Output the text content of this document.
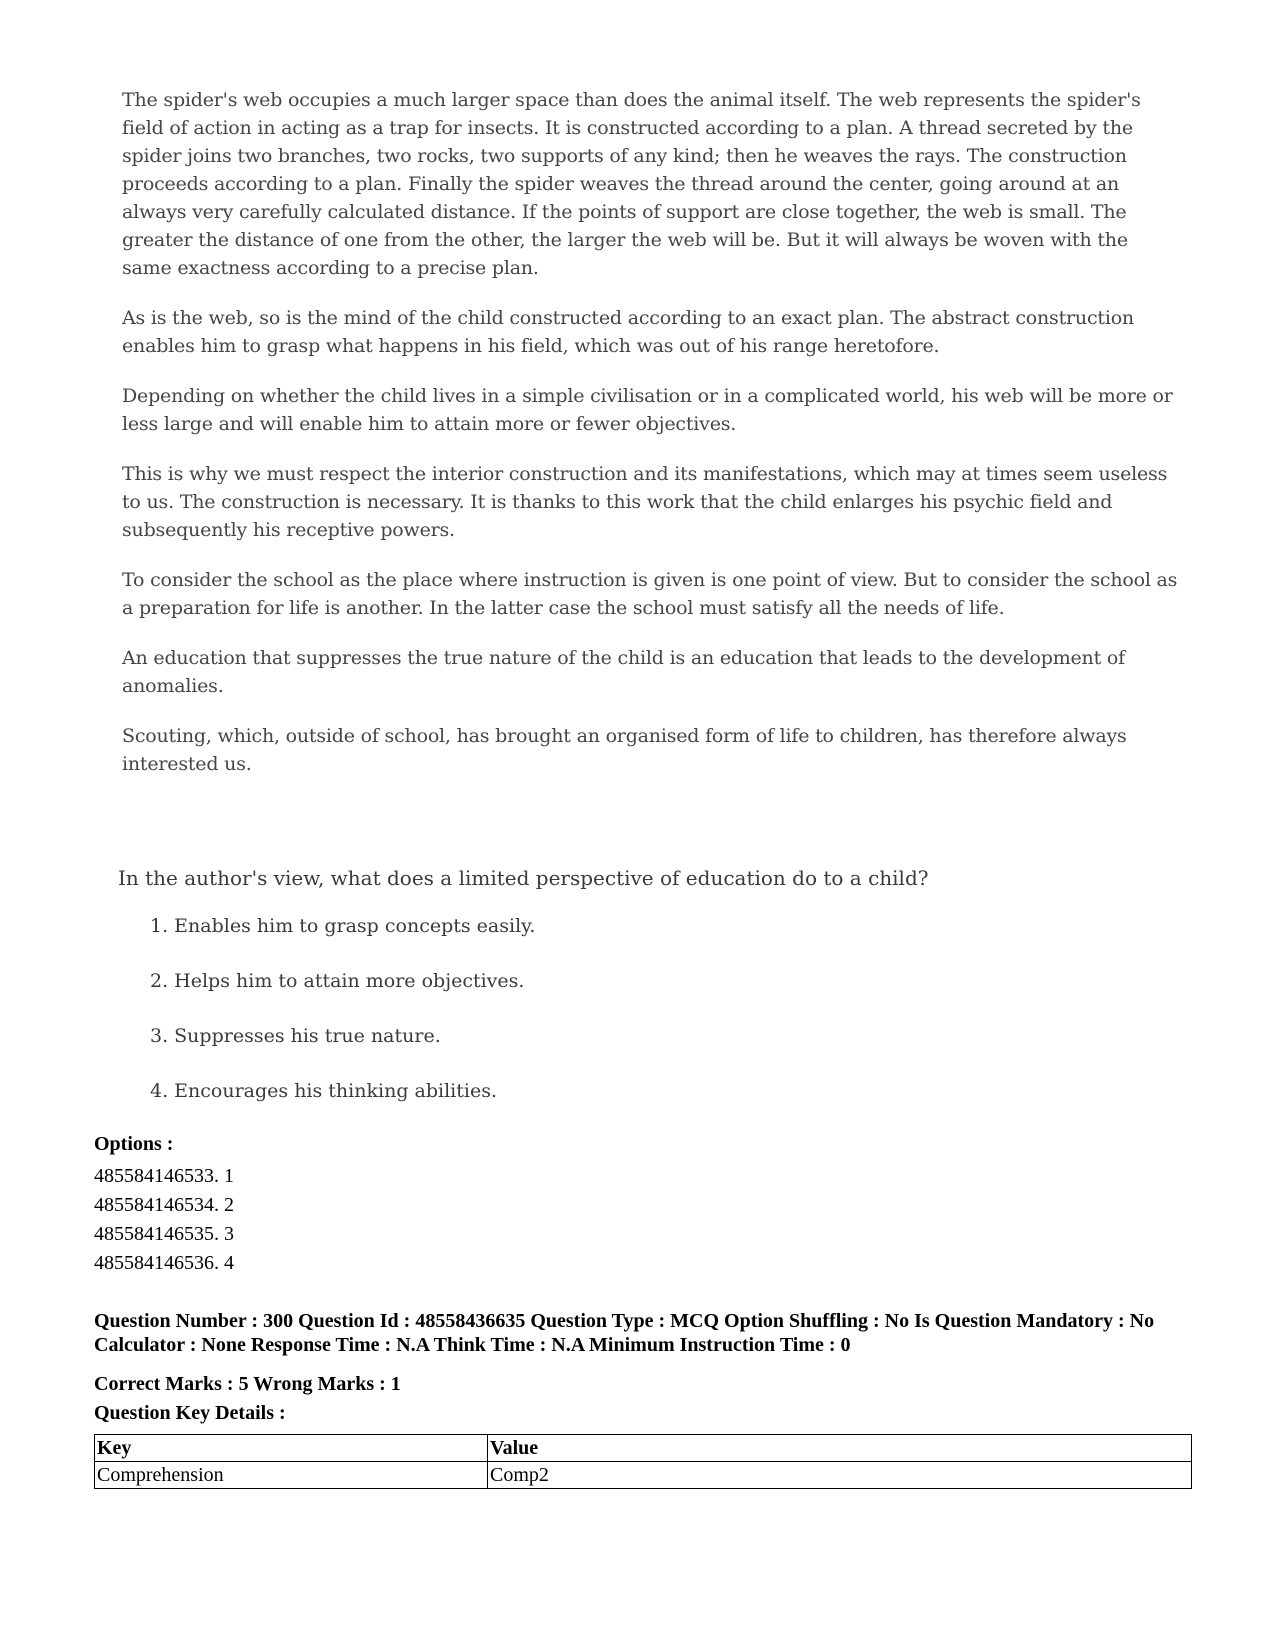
The spider's web occupies a much larger space than does the animal itself. The web represents the spider's field of action in acting as a trap for insects. It is constructed according to a plan. A thread secreted by the spider joins two branches, two rocks, two supports of any kind; then he weaves the rays. The construction proceeds according to a plan. Finally the spider weaves the thread around the center, going around at an always very carefully calculated distance. If the points of support are close together, the web is small. The greater the distance of one from the other, the larger the web will be. But it will always be woven with the same exactness according to a precise plan.

As is the web, so is the mind of the child constructed according to an exact plan. The abstract construction enables him to grasp what happens in his field, which was out of his range heretofore.

Depending on whether the child lives in a simple civilisation or in a complicated world, his web will be more or less large and will enable him to attain more or fewer objectives.

This is why we must respect the interior construction and its manifestations, which may at times seem useless to us. The construction is necessary. It is thanks to this work that the child enlarges his psychic field and subsequently his receptive powers.

To consider the school as the place where instruction is given is one point of view. But to consider the school as a preparation for life is another. In the latter case the school must satisfy all the needs of life.

An education that suppresses the true nature of the child is an education that leads to the development of anomalies.

Scouting, which, outside of school, has brought an organised form of life to children, has therefore always interested us.

In the author's view, what does a limited perspective of education do to a child?
1. Enables him to grasp concepts easily.
2. Helps him to attain more objectives.
3. Suppresses his true nature.
4. Encourages his thinking abilities.
Options :
485584146533. 1
485584146534. 2
485584146535. 3
485584146536. 4
Question Number : 300 Question Id : 48558436635 Question Type : MCQ Option Shuffling : No Is Question Mandatory : No Calculator : None Response Time : N.A Think Time : N.A Minimum Instruction Time : 0
Correct Marks : 5 Wrong Marks : 1
Question Key Details :
Key	Value
Comprehension	Comp2
